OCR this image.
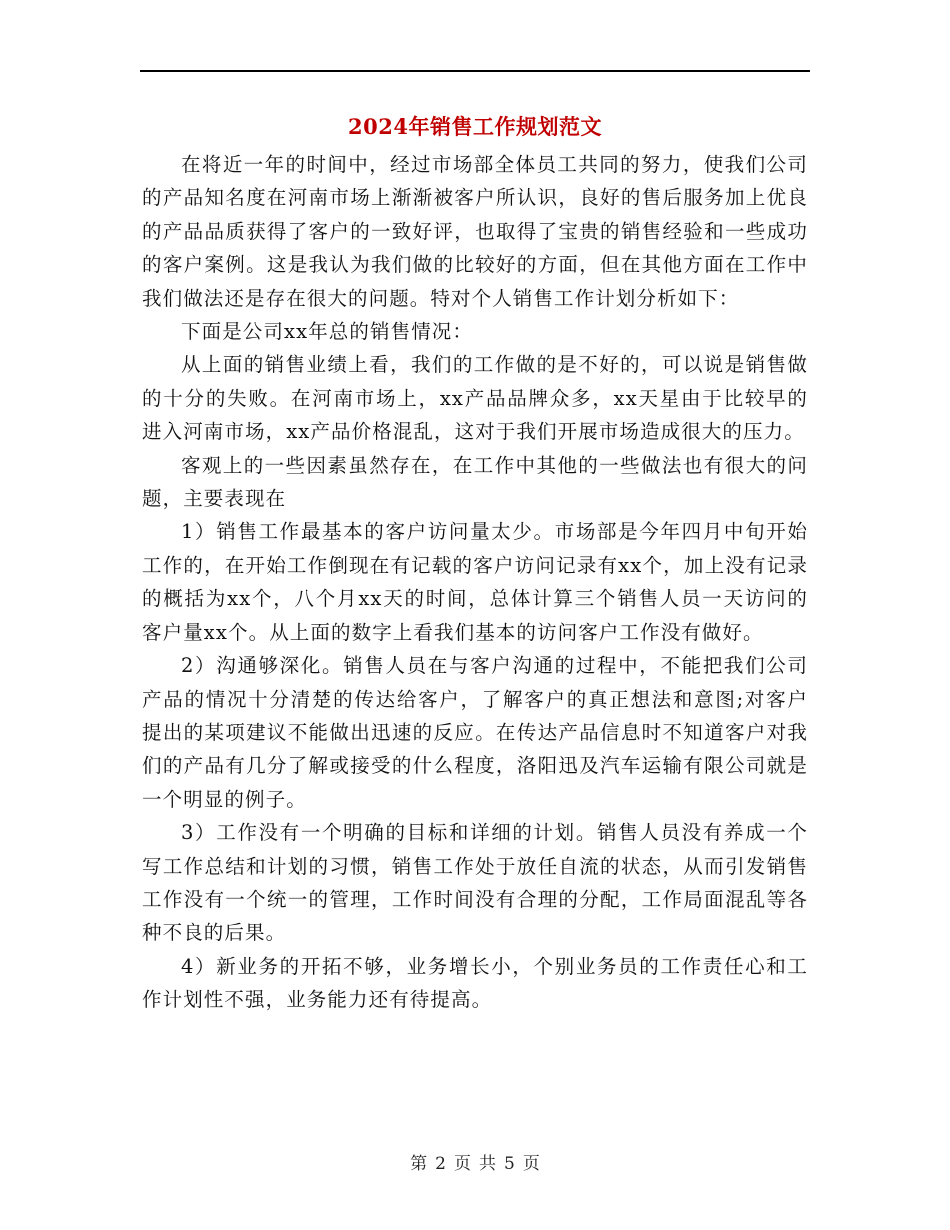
2024年销售工作规划范文

在将近一年的时间中，经过市场部全体员工共同的努力，使我们公司的产品知名度在河南市场上渐渐被客户所认识，良好的售后服务加上优良的产品品质获得了客户的一致好评，也取得了宝贵的销售经验和一些成功的客户案例。这是我认为我们做的比较好的方面，但在其他方面在工作中我们做法还是存在很大的问题。特对个人销售工作计划分析如下：

下面是公司xx年总的销售情况：

从上面的销售业绩上看，我们的工作做的是不好的，可以说是销售做的十分的失败。在河南市场上，xx产品品牌众多，xx天星由于比较早的进入河南市场，xx产品价格混乱，这对于我们开展市场造成很大的压力。

客观上的一些因素虽然存在，在工作中其他的一些做法也有很大的问题，主要表现在

1）销售工作最基本的客户访问量太少。市场部是今年四月中旬开始工作的，在开始工作倒现在有记载的客户访问记录有xx个，加上没有记录的概括为xx个，八个月xx天的时间，总体计算三个销售人员一天访问的客户量xx个。从上面的数字上看我们基本的访问客户工作没有做好。

2）沟通够深化。销售人员在与客户沟通的过程中，不能把我们公司产品的情况十分清楚的传达给客户，了解客户的真正想法和意图;对客户提出的某项建议不能做出迅速的反应。在传达产品信息时不知道客户对我们的产品有几分了解或接受的什么程度，洛阳迅及汽车运输有限公司就是一个明显的例子。

3）工作没有一个明确的目标和详细的计划。销售人员没有养成一个写工作总结和计划的习惯，销售工作处于放任自流的状态，从而引发销售工作没有一个统一的管理，工作时间没有合理的分配，工作局面混乱等各种不良的后果。

4）新业务的开拓不够，业务增长小，个别业务员的工作责任心和工作计划性不强，业务能力还有待提高。

第 2 页 共 5 页
